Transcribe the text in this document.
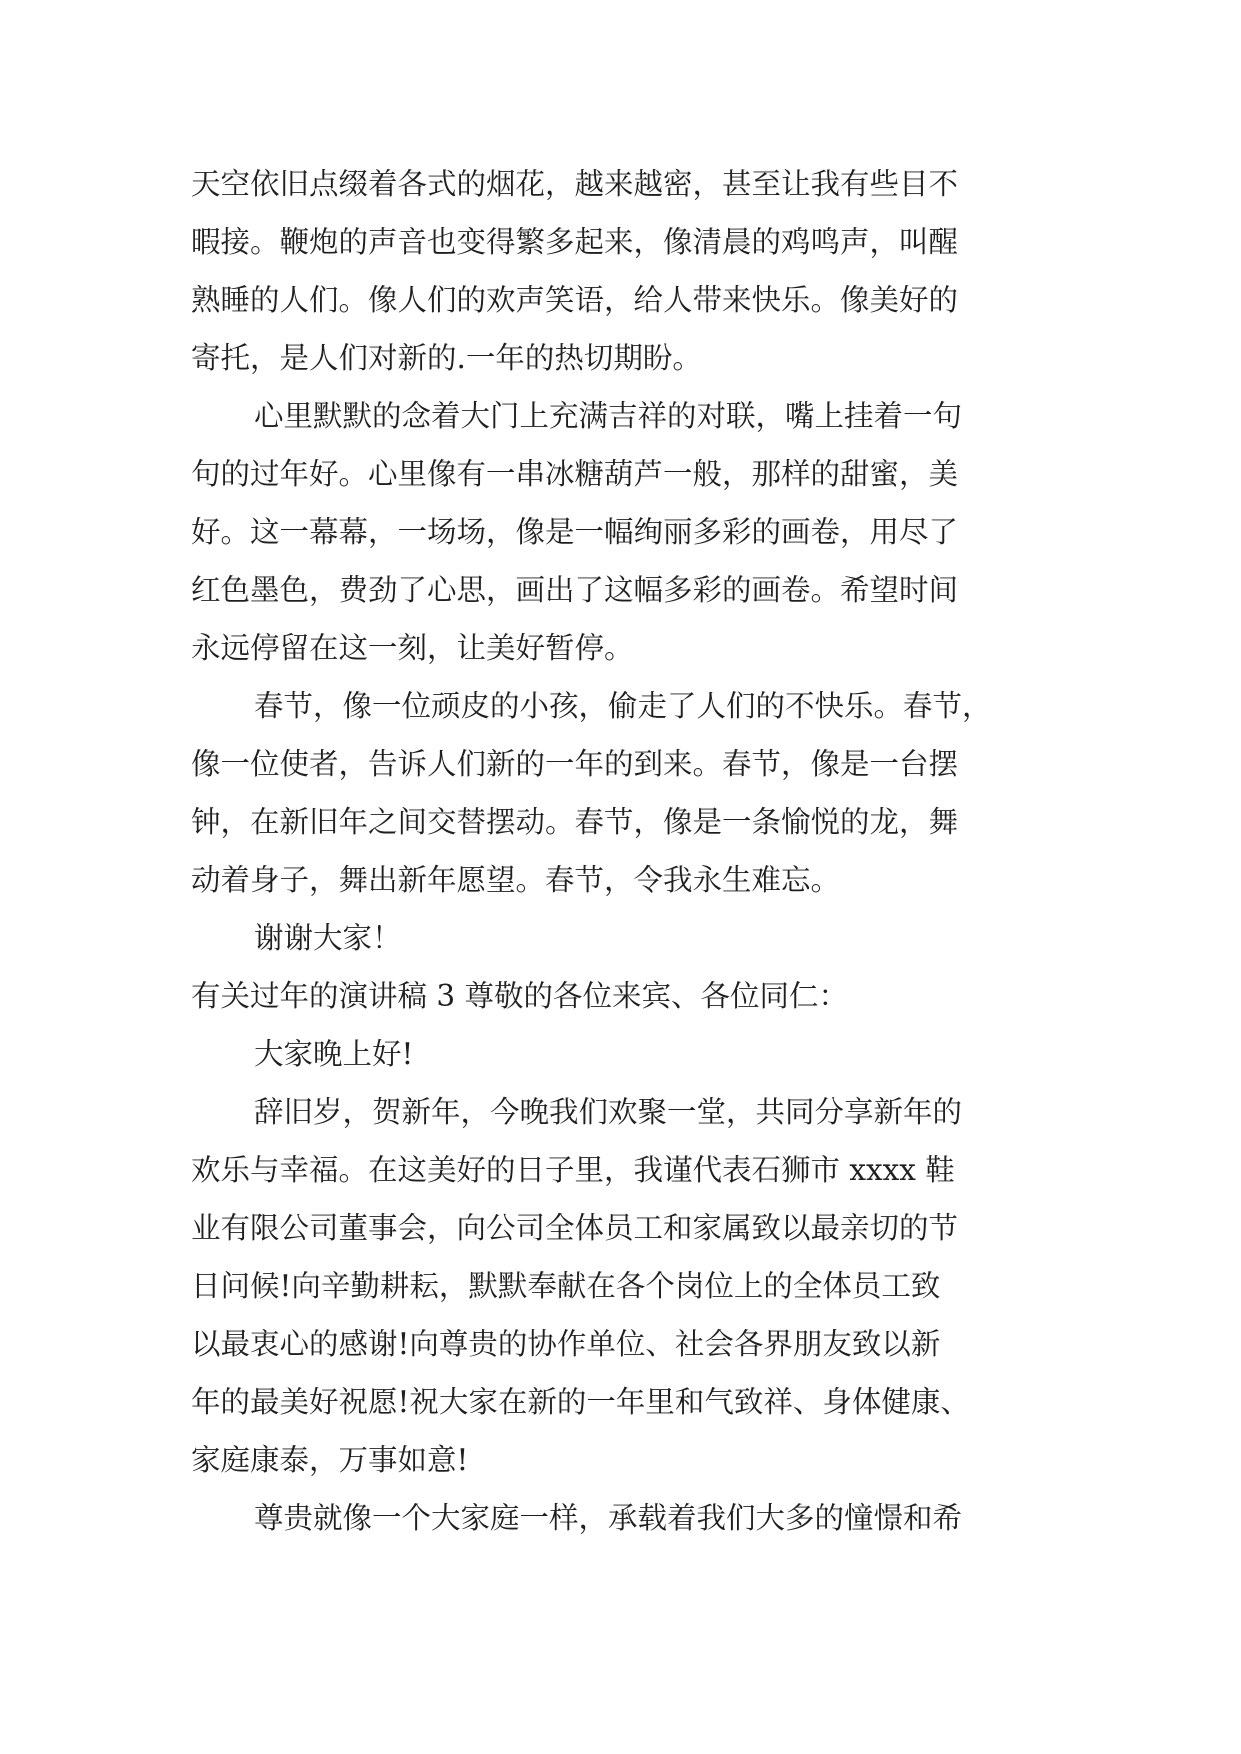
天空依旧点缀着各式的烟花，越来越密，甚至让我有些目不

暇接。鞭炮的声音也变得繁多起来，像清晨的鸡鸣声，叫醒

熟睡的人们。像人们的欢声笑语，给人带来快乐。像美好的

寄托，是人们对新的.一年的热切期盼。

心里默默的念着大门上充满吉祥的对联，嘴上挂着一句

句的过年好。心里像有一串冰糖葫芦一般，那样的甜蜜，美

好。这一幕幕，一场场，像是一幅绚丽多彩的画卷，用尽了

红色墨色，费劲了心思，画出了这幅多彩的画卷。希望时间

永远停留在这一刻，让美好暂停。

春节，像一位顽皮的小孩，偷走了人们的不快乐。春节，

像一位使者，告诉人们新的一年的到来。春节，像是一台摆

钟，在新旧年之间交替摆动。春节，像是一条愉悦的龙，舞

动着身子，舞出新年愿望。春节，令我永生难忘。

谢谢大家！

有关过年的演讲稿 3 尊敬的各位来宾、各位同仁：

大家晚上好!

辞旧岁，贺新年，今晚我们欢聚一堂，共同分享新年的

欢乐与幸福。在这美好的日子里，我谨代表石狮市 xxxx 鞋

业有限公司董事会，向公司全体员工和家属致以最亲切的节

日问候!向辛勤耕耘，默默奉献在各个岗位上的全体员工致

以最衷心的感谢!向尊贵的协作单位、社会各界朋友致以新

年的最美好祝愿!祝大家在新的一年里和气致祥、身体健康、

家庭康泰，万事如意!

尊贵就像一个大家庭一样，承载着我们大多的憧憬和希
